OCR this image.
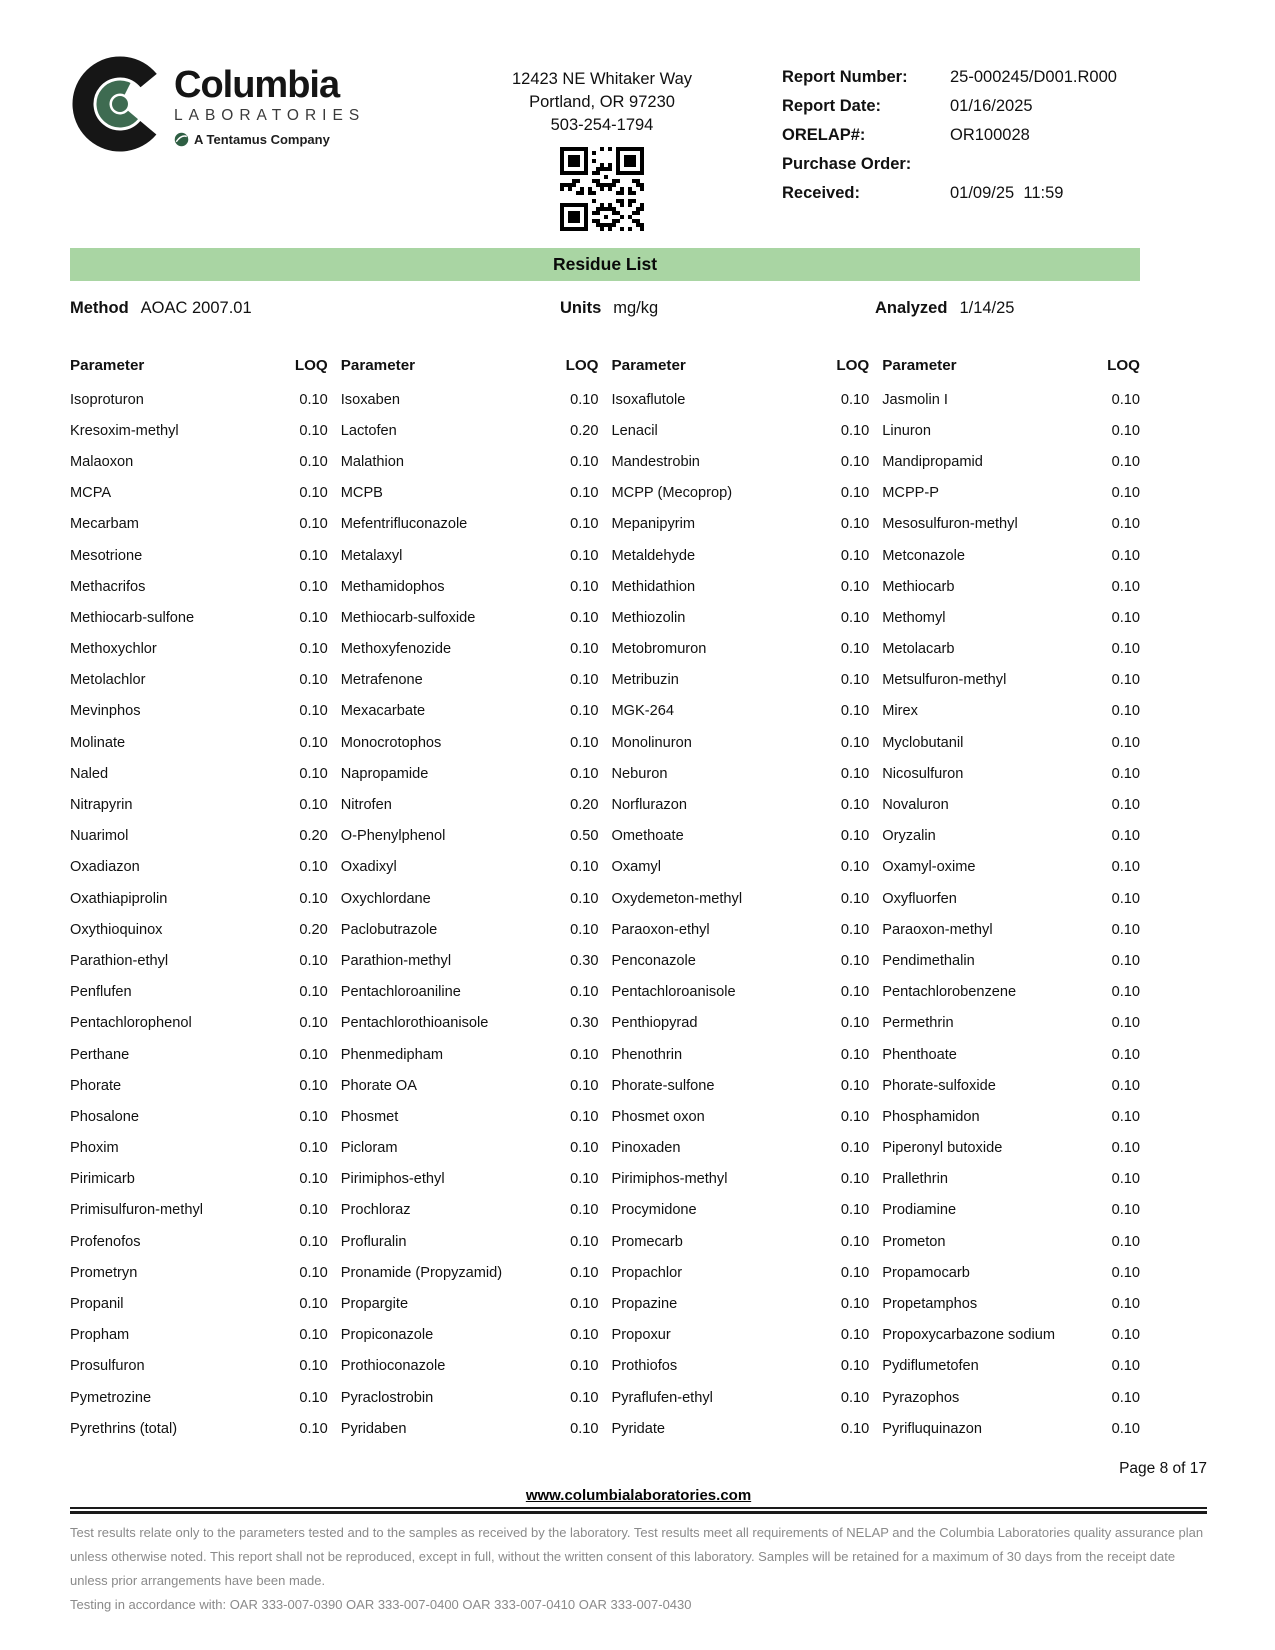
Columbia
LABORATORIES
A Tentamus Company
12423 NE Whitaker Way
Portland, OR 97230
503-254-1794
Report Number:	25-000245/D001.R000
Report Date:	01/16/2025
ORELAP#:	OR100028
Purchase Order:
Received:	01/09/25  11:59
Residue List
Method AOAC 2007.01	Units mg/kg	Analyzed 1/14/25
Parameter	LOQ
Isoproturon	0.10
Kresoxim-methyl	0.10
Malaoxon	0.10
MCPA	0.10
Mecarbam	0.10
Mesotrione	0.10
Methacrifos	0.10
Methiocarb-sulfone	0.10
Methoxychlor	0.10
Metolachlor	0.10
Mevinphos	0.10
Molinate	0.10
Naled	0.10
Nitrapyrin	0.10
Nuarimol	0.20
Oxadiazon	0.10
Oxathiapiprolin	0.10
Oxythioquinox	0.20
Parathion-ethyl	0.10
Penflufen	0.10
Pentachlorophenol	0.10
Perthane	0.10
Phorate	0.10
Phosalone	0.10
Phoxim	0.10
Pirimicarb	0.10
Primisulfuron-methyl	0.10
Profenofos	0.10
Prometryn	0.10
Propanil	0.10
Propham	0.10
Prosulfuron	0.10
Pymetrozine	0.10
Pyrethrins (total)	0.10
Parameter	LOQ
Isoxaben	0.10
Lactofen	0.20
Malathion	0.10
MCPB	0.10
Mefentrifluconazole	0.10
Metalaxyl	0.10
Methamidophos	0.10
Methiocarb-sulfoxide	0.10
Methoxyfenozide	0.10
Metrafenone	0.10
Mexacarbate	0.10
Monocrotophos	0.10
Napropamide	0.10
Nitrofen	0.20
O-Phenylphenol	0.50
Oxadixyl	0.10
Oxychlordane	0.10
Paclobutrazole	0.10
Parathion-methyl	0.30
Pentachloroaniline	0.10
Pentachlorothioanisole	0.30
Phenmedipham	0.10
Phorate OA	0.10
Phosmet	0.10
Picloram	0.10
Pirimiphos-ethyl	0.10
Prochloraz	0.10
Profluralin	0.10
Pronamide (Propyzamid)	0.10
Propargite	0.10
Propiconazole	0.10
Prothioconazole	0.10
Pyraclostrobin	0.10
Pyridaben	0.10
Parameter	LOQ
Isoxaflutole	0.10
Lenacil	0.10
Mandestrobin	0.10
MCPP (Mecoprop)	0.10
Mepanipyrim	0.10
Metaldehyde	0.10
Methidathion	0.10
Methiozolin	0.10
Metobromuron	0.10
Metribuzin	0.10
MGK-264	0.10
Monolinuron	0.10
Neburon	0.10
Norflurazon	0.10
Omethoate	0.10
Oxamyl	0.10
Oxydemeton-methyl	0.10
Paraoxon-ethyl	0.10
Penconazole	0.10
Pentachloroanisole	0.10
Penthiopyrad	0.10
Phenothrin	0.10
Phorate-sulfone	0.10
Phosmet oxon	0.10
Pinoxaden	0.10
Pirimiphos-methyl	0.10
Procymidone	0.10
Promecarb	0.10
Propachlor	0.10
Propazine	0.10
Propoxur	0.10
Prothiofos	0.10
Pyraflufen-ethyl	0.10
Pyridate	0.10
Parameter	LOQ
Jasmolin I	0.10
Linuron	0.10
Mandipropamid	0.10
MCPP-P	0.10
Mesosulfuron-methyl	0.10
Metconazole	0.10
Methiocarb	0.10
Methomyl	0.10
Metolacarb	0.10
Metsulfuron-methyl	0.10
Mirex	0.10
Myclobutanil	0.10
Nicosulfuron	0.10
Novaluron	0.10
Oryzalin	0.10
Oxamyl-oxime	0.10
Oxyfluorfen	0.10
Paraoxon-methyl	0.10
Pendimethalin	0.10
Pentachlorobenzene	0.10
Permethrin	0.10
Phenthoate	0.10
Phorate-sulfoxide	0.10
Phosphamidon	0.10
Piperonyl butoxide	0.10
Prallethrin	0.10
Prodiamine	0.10
Prometon	0.10
Propamocarb	0.10
Propetamphos	0.10
Propoxycarbazone sodium	0.10
Pydiflumetofen	0.10
Pyrazophos	0.10
Pyrifluquinazon	0.10
Page 8 of 17
www.columbialaboratories.com
Test results relate only to the parameters tested and to the samples as received by the laboratory. Test results meet all requirements of NELAP and the Columbia Laboratories quality assurance plan unless otherwise noted. This report shall not be reproduced, except in full, without the written consent of this laboratory. Samples will be retained for a maximum of 30 days from the receipt date unless prior arrangements have been made.
Testing in accordance with: OAR 333-007-0390 OAR 333-007-0400 OAR 333-007-0410 OAR 333-007-0430
